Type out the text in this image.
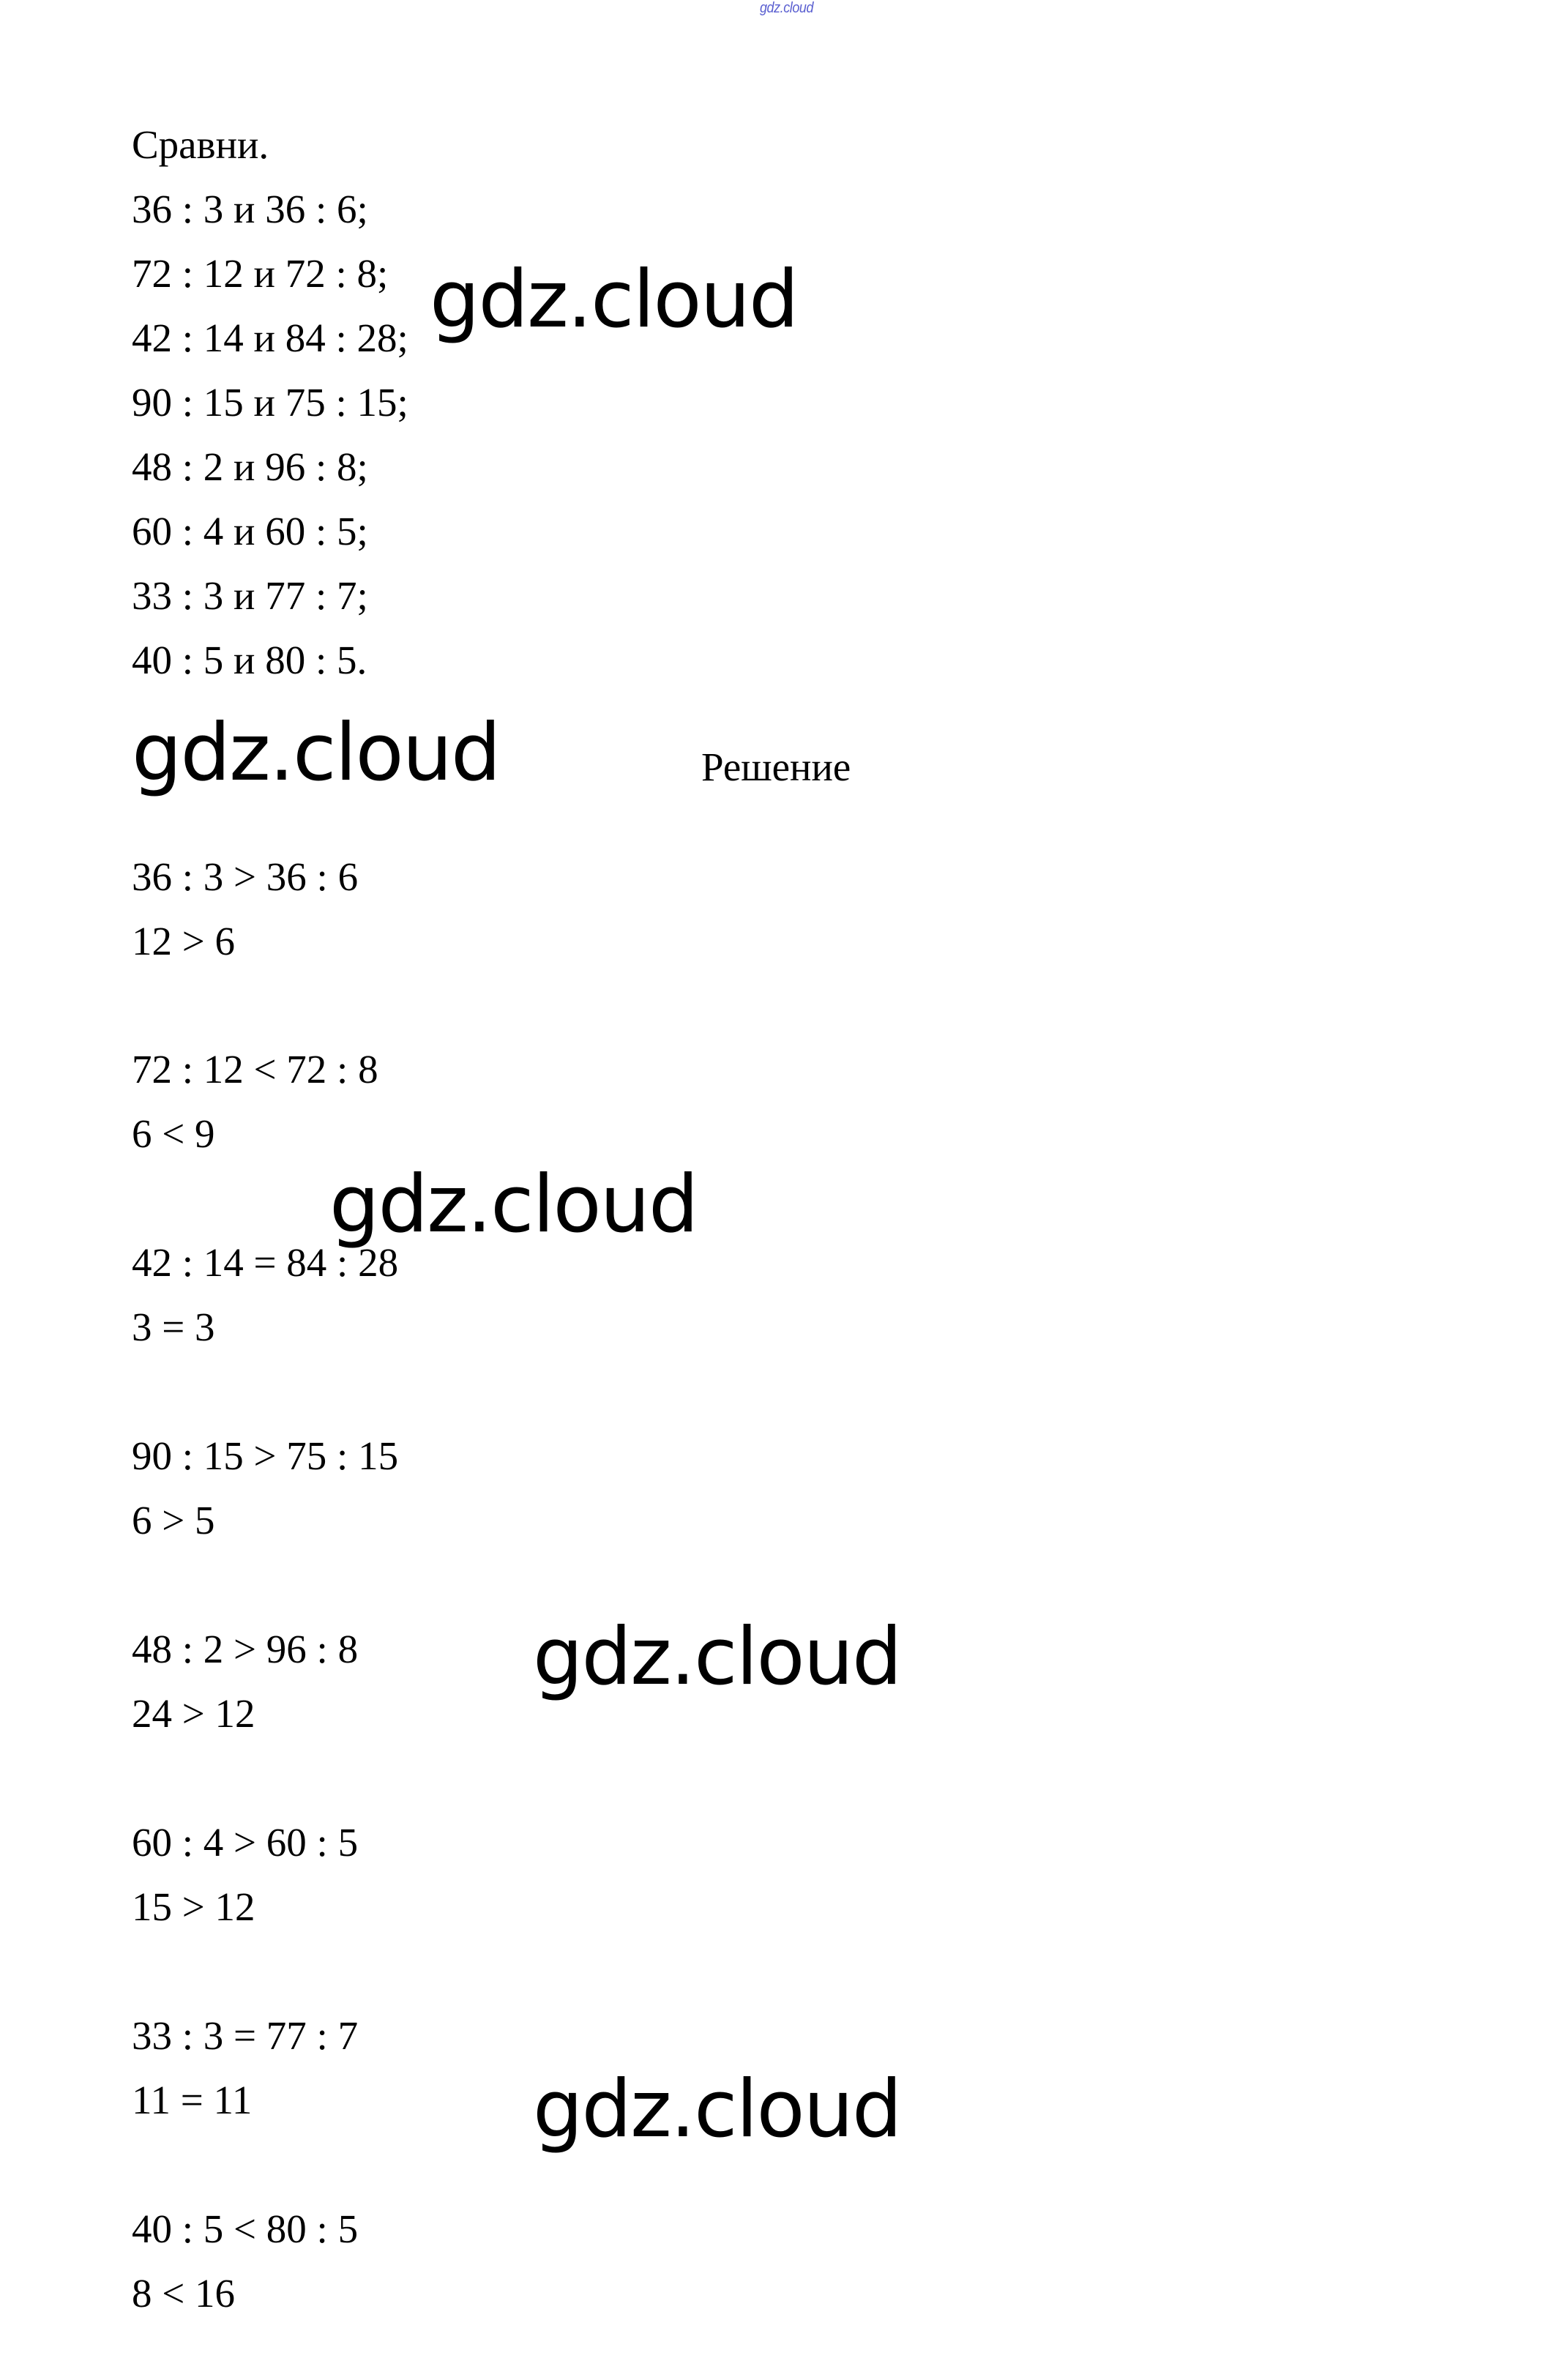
gdz.cloud
Сравни.
36 : 3 и 36 : 6;
72 : 12 и 72 : 8;
42 : 14 и 84 : 28;
90 : 15 и 75 : 15;
48 : 2 и 96 : 8;
60 : 4 и 60 : 5;
33 : 3 и 77 : 7;
40 : 5 и 80 : 5.
Решение
36 : 3 > 36 : 6
12 > 6
72 : 12 < 72 : 8
6 < 9
42 : 14 = 84 : 28
3 = 3
90 : 15 > 75 : 15
6 > 5
48 : 2 > 96 : 8
24 > 12
60 : 4 > 60 : 5
15 > 12
33 : 3 = 77 : 7
11 = 11
40 : 5 < 80 : 5
8 < 16
gdz.cloud
gdz.cloud
gdz.cloud
gdz.cloud
gdz.cloud
